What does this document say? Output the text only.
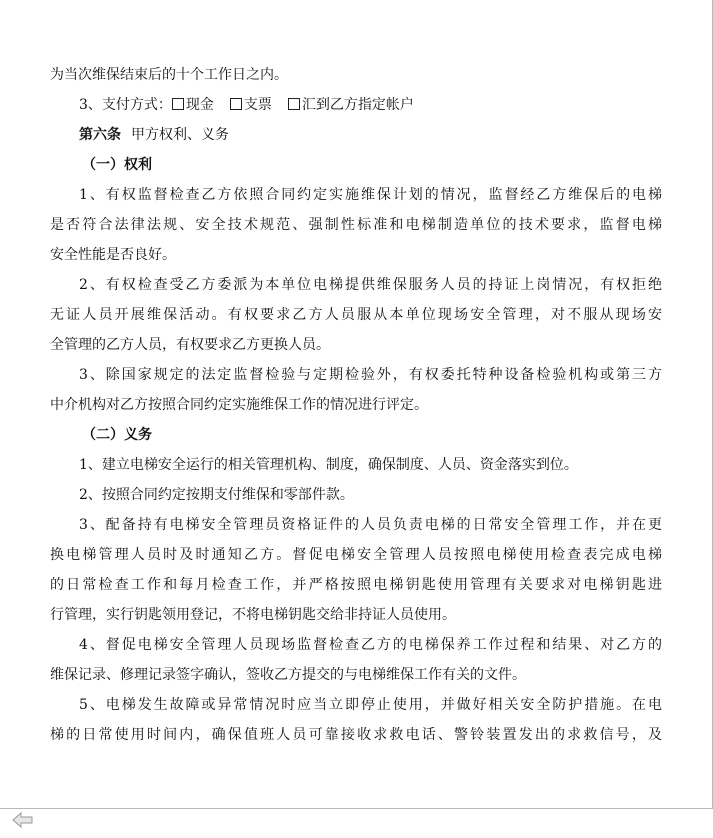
为当次维保结束后的十个工作日之内。
3、支付方式： 现金 支票 汇到乙方指定帐户
第六条 甲方权利、义务
（一）权利
1、有权监督检查乙方依照合同约定实施维保计划的情况，监督经乙方维保后的电梯
是否符合法律法规、安全技术规范、强制性标准和电梯制造单位的技术要求，监督电梯
安全性能是否良好。
2、有权检查受乙方委派为本单位电梯提供维保服务人员的持证上岗情况，有权拒绝
无证人员开展维保活动。有权要求乙方人员服从本单位现场安全管理，对不服从现场安
全管理的乙方人员，有权要求乙方更换人员。
3、除国家规定的法定监督检验与定期检验外，有权委托特种设备检验机构或第三方
中介机构对乙方按照合同约定实施维保工作的情况进行评定。
（二）义务
1、建立电梯安全运行的相关管理机构、制度，确保制度、人员、资金落实到位。
2、按照合同约定按期支付维保和零部件款。
3、配备持有电梯安全管理员资格证件的人员负责电梯的日常安全管理工作，并在更
换电梯管理人员时及时通知乙方。督促电梯安全管理人员按照电梯使用检查表完成电梯
的日常检查工作和每月检查工作，并严格按照电梯钥匙使用管理有关要求对电梯钥匙进
行管理，实行钥匙领用登记，不将电梯钥匙交给非持证人员使用。
4、督促电梯安全管理人员现场监督检查乙方的电梯保养工作过程和结果、对乙方的
维保记录、修理记录签字确认，签收乙方提交的与电梯维保工作有关的文件。
5、电梯发生故障或异常情况时应当立即停止使用，并做好相关安全防护措施。在电
梯的日常使用时间内，确保值班人员可靠接收求救电话、警铃装置发出的求救信号，及
